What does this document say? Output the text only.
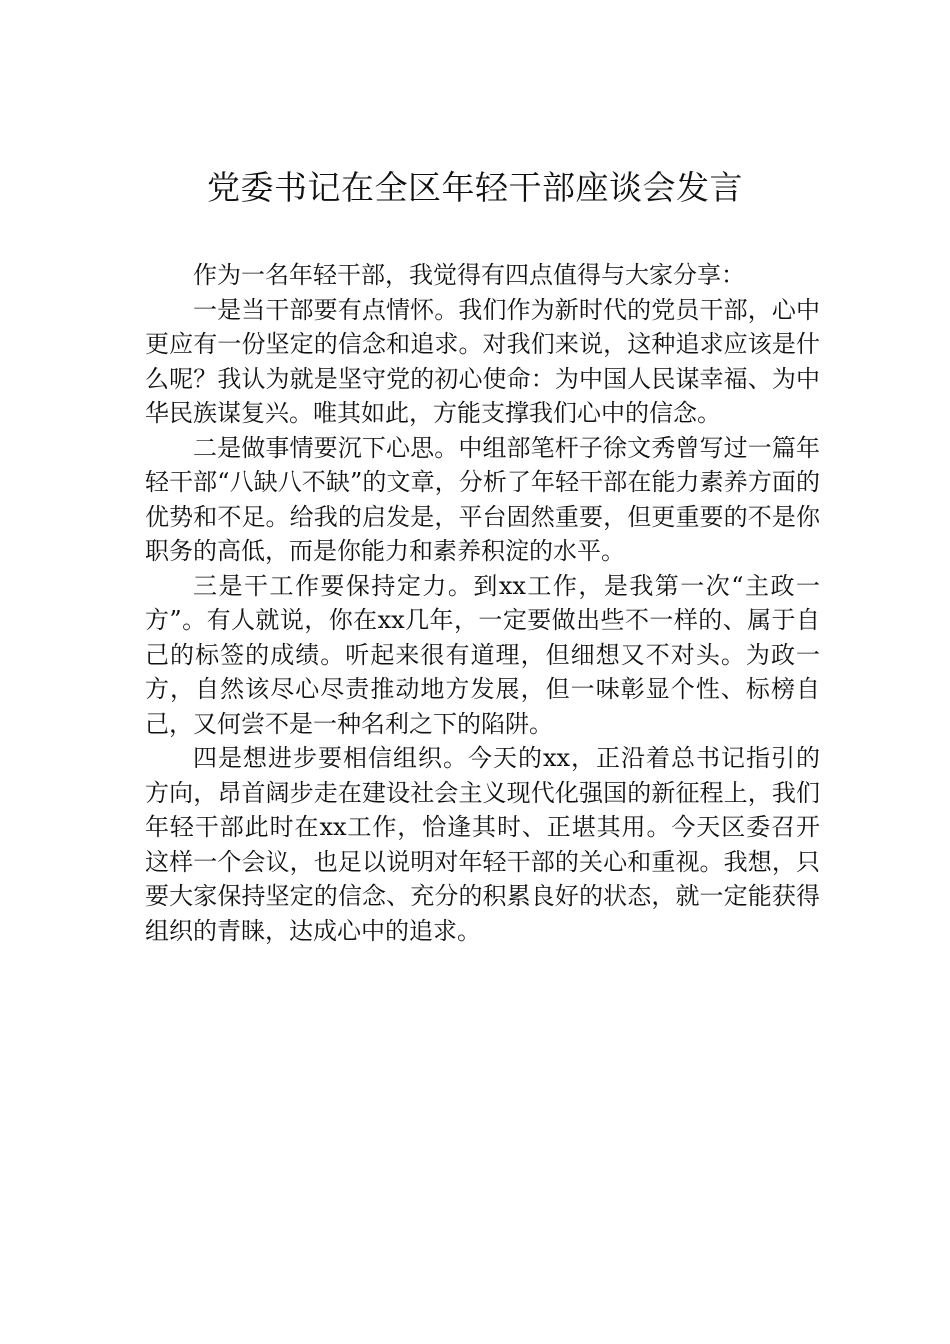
党委书记在全区年轻干部座谈会发言

作为一名年轻干部，我觉得有四点值得与大家分享：

一是当干部要有点情怀。我们作为新时代的党员干部，心中更应有一份坚定的信念和追求。对我们来说，这种追求应该是什么呢？我认为就是坚守党的初心使命：为中国人民谋幸福、为中华民族谋复兴。唯其如此，方能支撑我们心中的信念。

二是做事情要沉下心思。中组部笔杆子徐文秀曾写过一篇年轻干部“八缺八不缺”的文章，分析了年轻干部在能力素养方面的优势和不足。给我的启发是，平台固然重要，但更重要的不是你职务的高低，而是你能力和素养积淀的水平。

三是干工作要保持定力。到xx工作，是我第一次“主政一方”。有人就说，你在xx几年，一定要做出些不一样的、属于自己的标签的成绩。听起来很有道理，但细想又不对头。为政一方，自然该尽心尽责推动地方发展，但一味彰显个性、标榜自己，又何尝不是一种名利之下的陷阱。

四是想进步要相信组织。今天的xx，正沿着总书记指引的方向，昂首阔步走在建设社会主义现代化强国的新征程上，我们年轻干部此时在xx工作，恰逢其时、正堪其用。今天区委召开这样一个会议，也足以说明对年轻干部的关心和重视。我想，只要大家保持坚定的信念、充分的积累良好的状态，就一定能获得组织的青睐，达成心中的追求。
